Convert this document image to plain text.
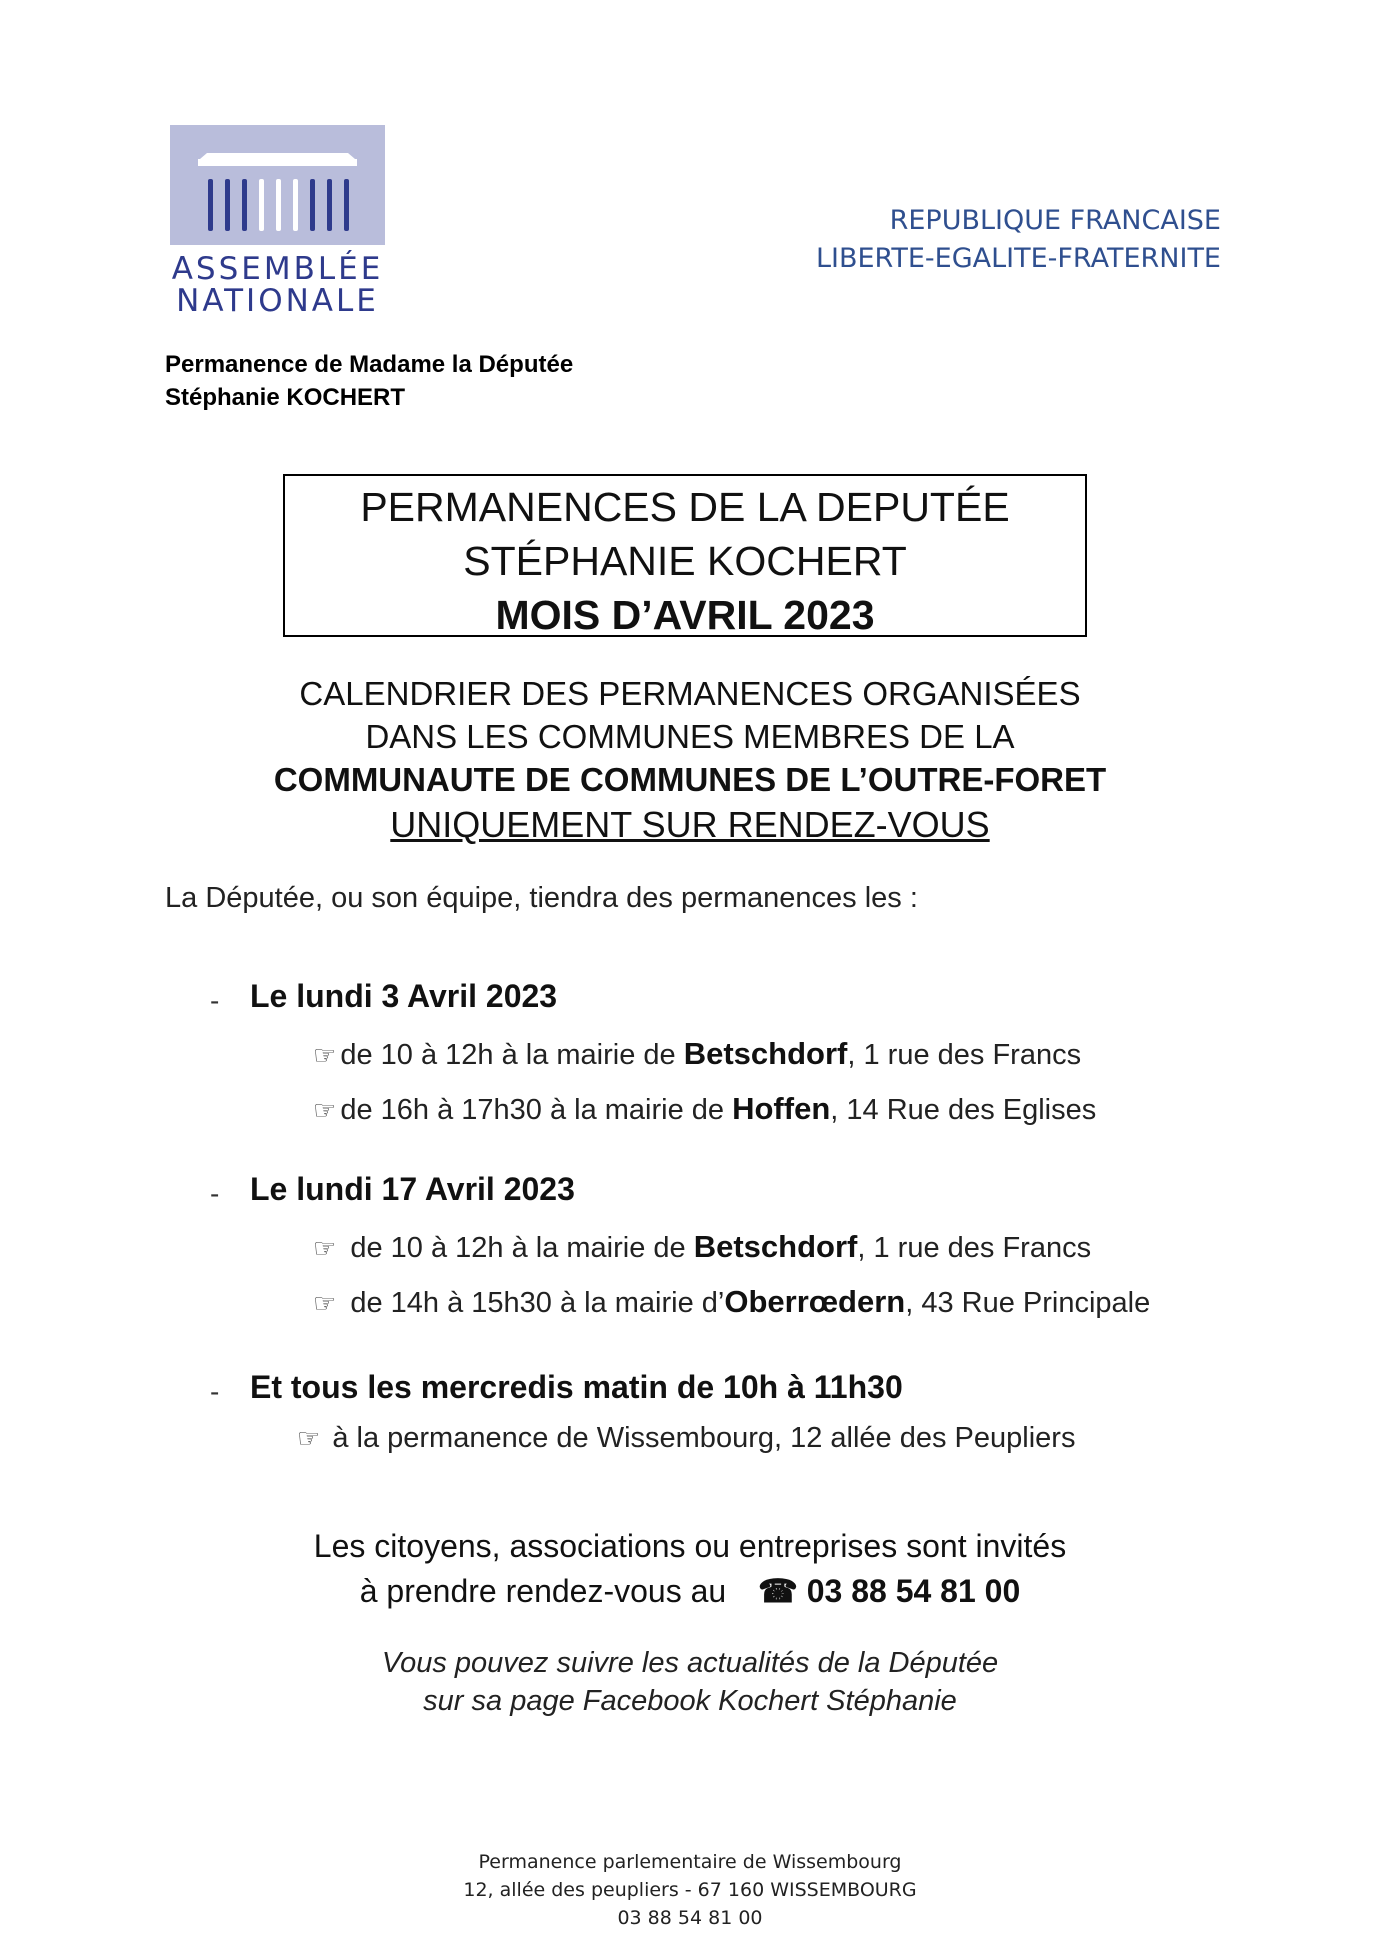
ASSEMBLÉE
NATIONALE
REPUBLIQUE FRANCAISE
LIBERTE-EGALITE-FRATERNITE
Permanence de Madame la Députée
Stéphanie KOCHERT
PERMANENCES DE LA DEPUTÉE
STÉPHANIE KOCHERT
MOIS D’AVRIL 2023
CALENDRIER DES PERMANENCES ORGANISÉES
DANS LES COMMUNES MEMBRES DE LA
COMMUNAUTE DE COMMUNES DE L’OUTRE-FORET
UNIQUEMENT SUR RENDEZ-VOUS
La Députée, ou son équipe, tiendra des permanences les :
- Le lundi 3 Avril 2023
☞ de 10 à 12h à la mairie de Betschdorf, 1 rue des Francs
☞ de 16h à 17h30 à la mairie de Hoffen, 14 Rue des Eglises
- Le lundi 17 Avril 2023
☞ de 10 à 12h à la mairie de Betschdorf, 1 rue des Francs
☞ de 14h à 15h30 à la mairie d’Oberrœdern, 43 Rue Principale
- Et tous les mercredis matin de 10h à 11h30
☞ à la permanence de Wissembourg, 12 allée des Peupliers
Les citoyens, associations ou entreprises sont invités
à prendre rendez-vous au ☎ 03 88 54 81 00
Vous pouvez suivre les actualités de la Députée
sur sa page Facebook Kochert Stéphanie
Permanence parlementaire de Wissembourg
12, allée des peupliers - 67 160 WISSEMBOURG
03 88 54 81 00
